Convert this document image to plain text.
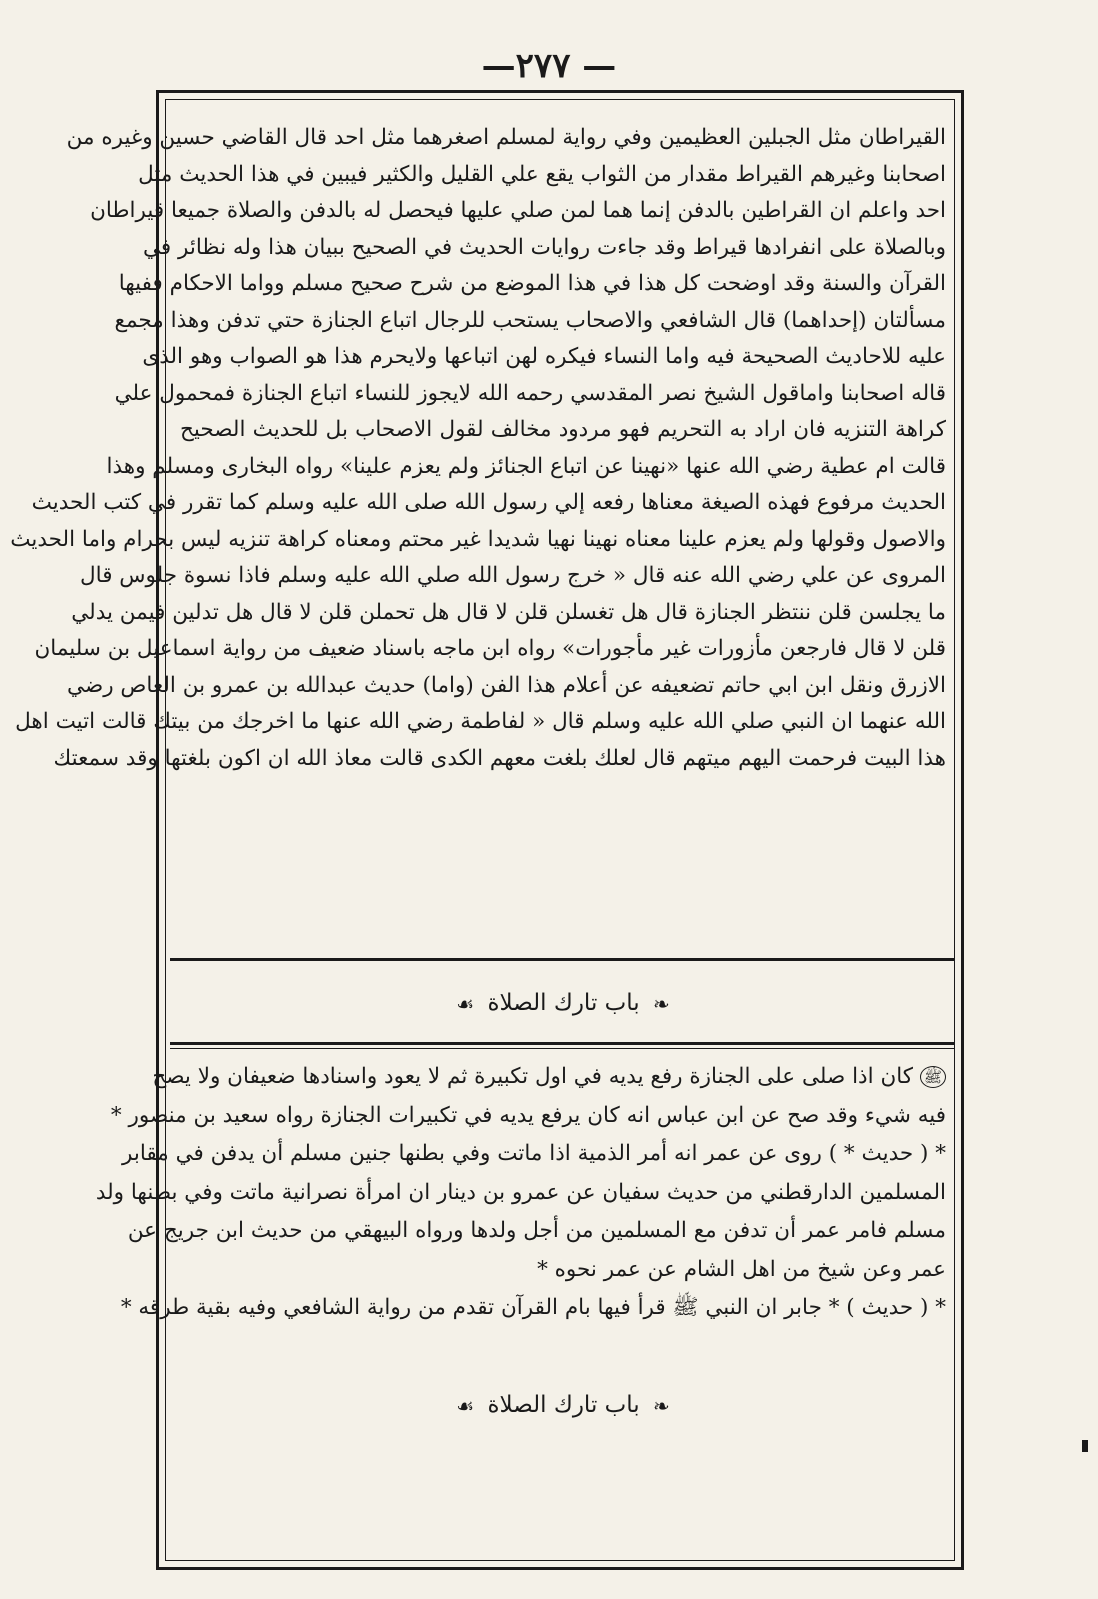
— ٢٧٧—
القيراطان مثل الجبلين العظيمين وفي رواية لمسلم اصغرهما مثل احد قال القاضي حسين وغيره من
اصحابنا وغيرهم القيراط مقدار من الثواب يقع علي القليل والكثير فيبين في هذا الحديث مثل
احد واعلم ان القراطين بالدفن إنما هما لمن صلي عليها فيحصل له بالدفن والصلاة جميعا قيراطان
وبالصلاة على انفرادها قيراط وقد جاءت روايات الحديث في الصحيح ببيان هذا وله نظائر في
القرآن والسنة وقد اوضحت كل هذا في هذا الموضع من شرح صحيح مسلم وواما الاحكام ففيها
مسألتان (إحداهما) قال الشافعي والاصحاب يستحب للرجال اتباع الجنازة حتي تدفن وهذا مجمع
عليه للاحاديث الصحيحة فيه واما النساء فيكره لهن اتباعها ولايحرم هذا هو الصواب وهو الذى
قاله اصحابنا واماقول الشيخ نصر المقدسي رحمه الله لايجوز للنساء اتباع الجنازة فمحمول علي
كراهة التنزيه فان اراد به التحريم فهو مردود مخالف لقول الاصحاب بل للحديث الصحيح
قالت ام عطية رضي الله عنها «نهينا عن اتباع الجنائز ولم يعزم علينا» رواه البخارى ومسلم وهذا
الحديث مرفوع فهذه الصيغة معناها رفعه إلي رسول الله صلى الله عليه وسلم كما تقرر في كتب الحديث
والاصول وقولها ولم يعزم علينا معناه نهينا نهيا شديدا غير محتم ومعناه كراهة تنزيه ليس بحرام واما الحديث
المروى عن علي رضي الله عنه قال « خرج رسول الله صلي الله عليه وسلم فاذا نسوة جلوس قال
ما يجلسن قلن ننتظر الجنازة قال هل تغسلن قلن لا قال هل تحملن قلن لا قال هل تدلين فيمن يدلي
قلن لا قال فارجعن مأزورات غير مأجورات» رواه ابن ماجه باسناد ضعيف من رواية اسماعيل بن سليمان
الازرق ونقل ابن ابي حاتم تضعيفه عن أعلام هذا الفن (واما) حديث عبدالله بن عمرو بن العاص رضي
الله عنهما ان النبي صلي الله عليه وسلم قال « لفاطمة رضي الله عنها ما اخرجك من بيتك قالت اتيت اهل
هذا البيت فرحمت اليهم ميتهم قال لعلك بلغت معهم الكدى قالت معاذ الله ان اكون بلغتها وقد سمعتك
❧ باب تارك الصلاة ☙
ﷺ كان اذا صلى على الجنازة رفع يديه في اول تكبيرة ثم لا يعود واسنادها ضعيفان ولا يصح
فيه شيء وقد صح عن ابن عباس انه كان يرفع يديه في تكبيرات الجنازة رواه سعيد بن منصور *
* ( حديث * ) روى عن عمر انه أمر الذمية اذا ماتت وفي بطنها جنين مسلم أن يدفن في مقابر
المسلمين الدارقطني من حديث سفيان عن عمرو بن دينار ان امرأة نصرانية ماتت وفي بطنها ولد
مسلم فامر عمر أن تدفن مع المسلمين من أجل ولدها ورواه البيهقي من حديث ابن جريج عن
عمر وعن شيخ من اهل الشام عن عمر نحوه *
* ( حديث ) * جابر ان النبي ﷺ قرأ فيها بام القرآن تقدم من رواية الشافعي وفيه بقية طرقه *
❧ باب تارك الصلاة ☙
